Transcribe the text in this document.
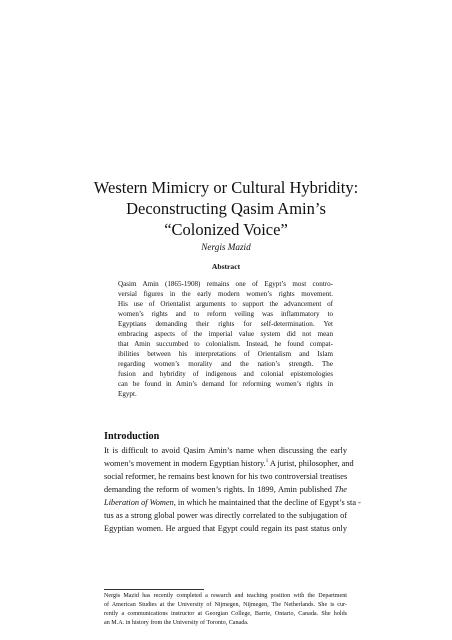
Western Mimicry or Cultural Hybridity:
Deconstructing Qasim Amin’s
“Colonized Voice”
Nergis Mazid
Abstract
Qasim Amin (1865-1908) remains one of Egypt’s most contro-
versial figures in the early modern women’s rights movement.
His use of Orientalist arguments to support the advancement of
women’s rights and to reform veiling was inflammatory to
Egyptians demanding their rights for self-determination. Yet
embracing aspects of the imperial value system did not mean
that Amin succumbed to colonialism. Instead, he found compat-
ibilities between his interpretations of Orientalism and Islam
regarding women’s morality and the nation’s strength. The
fusion and hybridity of indigenous and colonial epistemologies
can be found in Amin’s demand for reforming women’s rights in
Egypt.
Introduction
It is difficult to avoid Qasim Amin’s name when discussing the early
women’s movement in modern Egyptian history.$^1$ A jurist, philosopher, and
social reformer, he remains best known for his two controversial treatises
demanding the reform of women’s rights. In 1899, Amin published The
Liberation of Women, in which he maintained that the decline of Egypt’s sta -
tus as a strong global power was directly correlated to the subjugation of
Egyptian women. He argued that Egypt could regain its past status only
Nergis Mazid has recently completed a research and teaching position with the Department
of American Studies at the University of Nijmegen, Nijmegen, The Netherlands. She is cur-
rently a communications instructor at Georgian College, Barrie, Ontario, Canada. She holds
an M.A. in history from the University of Toronto, Canada.
